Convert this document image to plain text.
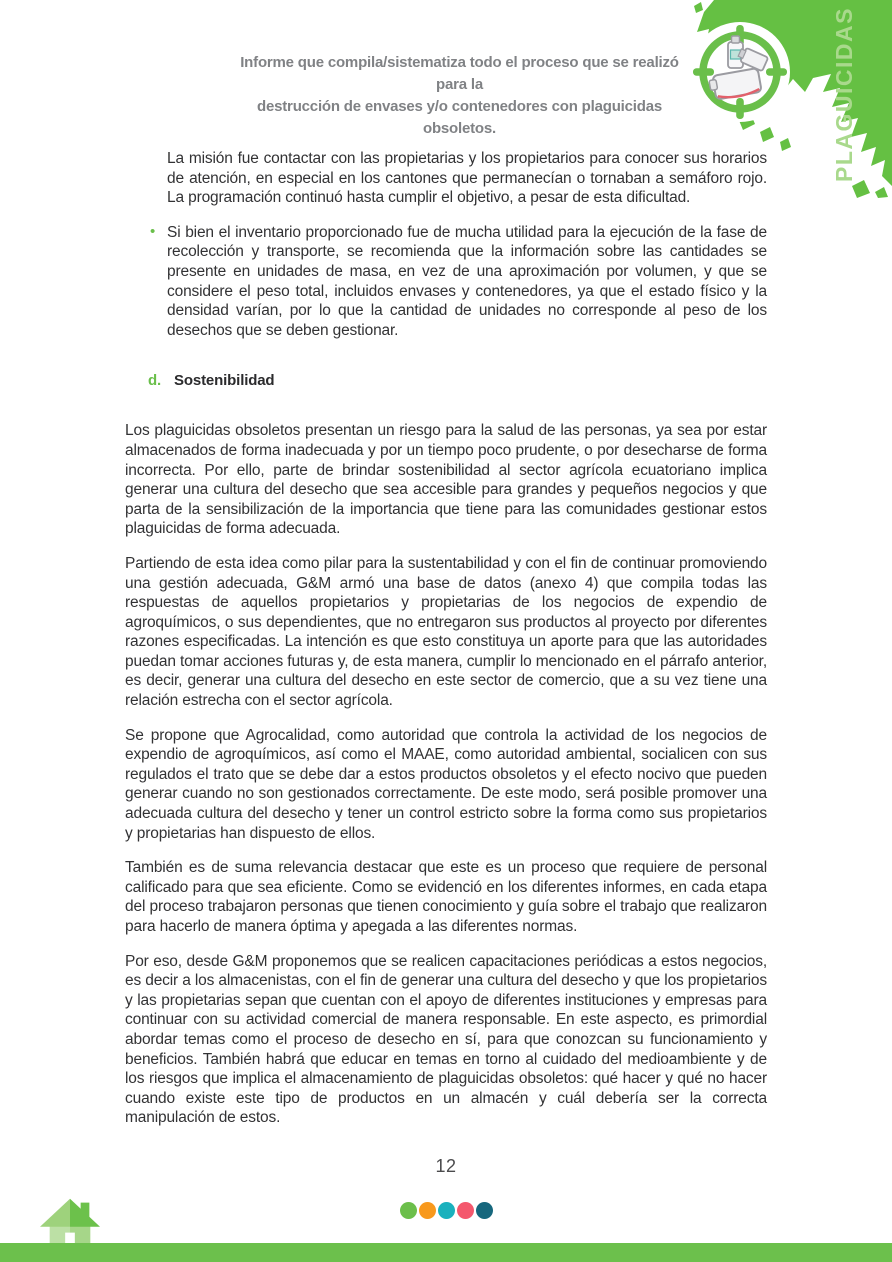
PLAGUICIDAS
Informe que compila/sistematiza todo el proceso que se realizó para la
destrucción de envases y/o contenedores con plaguicidas obsoletos.

La misión fue contactar con las propietarias y los propietarios para conocer sus horarios de atención, en especial en los cantones que permanecían o tornaban a semáforo rojo. La programación continuó hasta cumplir el objetivo, a pesar de esta dificultad.

• Si bien el inventario proporcionado fue de mucha utilidad para la ejecución de la fase de recolección y transporte, se recomienda que la información sobre las cantidades se presente en unidades de masa, en vez de una aproximación por volumen, y que se considere el peso total, incluidos envases y contenedores, ya que el estado físico y la densidad varían, por lo que la cantidad de unidades no corresponde al peso de los desechos que se deben gestionar.

d. Sostenibilidad

Los plaguicidas obsoletos presentan un riesgo para la salud de las personas, ya sea por estar almacenados de forma inadecuada y por un tiempo poco prudente, o por desecharse de forma incorrecta. Por ello, parte de brindar sostenibilidad al sector agrícola ecuatoriano implica generar una cultura del desecho que sea accesible para grandes y pequeños negocios y que parta de la sensibilización de la importancia que tiene para las comunidades gestionar estos plaguicidas de forma adecuada.

Partiendo de esta idea como pilar para la sustentabilidad y con el fin de continuar promoviendo una gestión adecuada, G&M armó una base de datos (anexo 4) que compila todas las respuestas de aquellos propietarios y propietarias de los negocios de expendio de agroquímicos, o sus dependientes, que no entregaron sus productos al proyecto por diferentes razones especificadas. La intención es que esto constituya un aporte para que las autoridades puedan tomar acciones futuras y, de esta manera, cumplir lo mencionado en el párrafo anterior, es decir, generar una cultura del desecho en este sector de comercio, que a su vez tiene una relación estrecha con el sector agrícola.

Se propone que Agrocalidad, como autoridad que controla la actividad de los negocios de expendio de agroquímicos, así como el MAAE, como autoridad ambiental, socialicen con sus regulados el trato que se debe dar a estos productos obsoletos y el efecto nocivo que pueden generar cuando no son gestionados correctamente. De este modo, será posible promover una adecuada cultura del desecho y tener un control estricto sobre la forma como sus propietarios y propietarias han dispuesto de ellos.

También es de suma relevancia destacar que este es un proceso que requiere de personal calificado para que sea eficiente. Como se evidenció en los diferentes informes, en cada etapa del proceso trabajaron personas que tienen conocimiento y guía sobre el trabajo que realizaron para hacerlo de manera óptima y apegada a las diferentes normas.

Por eso, desde G&M proponemos que se realicen capacitaciones periódicas a estos negocios, es decir a los almacenistas, con el fin de generar una cultura del desecho y que los propietarios y las propietarias sepan que cuentan con el apoyo de diferentes instituciones y empresas para continuar con su actividad comercial de manera responsable. En este aspecto, es primordial abordar temas como el proceso de desecho en sí, para que conozcan su funcionamiento y beneficios. También habrá que educar en temas en torno al cuidado del medioambiente y de los riesgos que implica el almacenamiento de plaguicidas obsoletos: qué hacer y qué no hacer cuando existe este tipo de productos en un almacén y cuál debería ser la correcta manipulación de estos.

12
